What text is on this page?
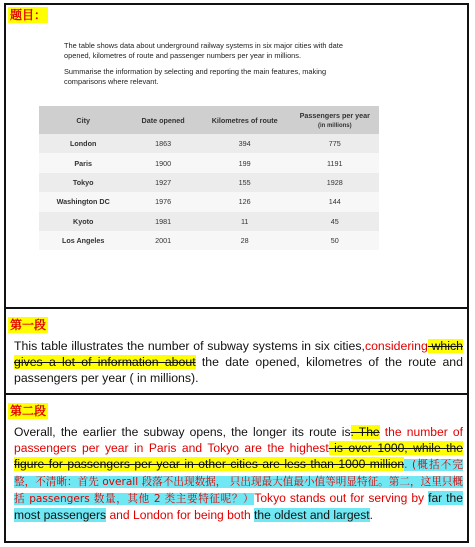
题目：

The table shows data about underground railway systems in six major cities with date opened, kilometres of route and passenger numbers per year in millions.

Summarise the information by selecting and reporting the main features, making comparisons where relevant.

City	Date opened	Kilometres of route	Passengers per year
(in millions)
London	1863	394	775
Paris	1900	199	1191
Tokyo	1927	155	1928
Washington DC	1976	126	144
Kyoto	1981	11	45
Los Angeles	2001	28	50
第一段

This table illustrates the number of subway systems in six cities,considering which gives a lot of information about the date opened, kilometres of the route and passengers per year ( in millions).

第二段

Overall, the earlier the subway opens, the longer its route is. The the number of passengers per year in Paris and Tokyo are the highest is over 1000, while the figure for passengers per year in other cities are less than 1000 million. (概括不完整，不清晰：首先 overall 段落不出现数据， 只出现最大值最小值等明显特征。第二，这里只概括 passengers 数量，其他 2 类主要特征呢？）Tokyo stands out for serving by far the most passengers and London for being both the oldest and largest.
